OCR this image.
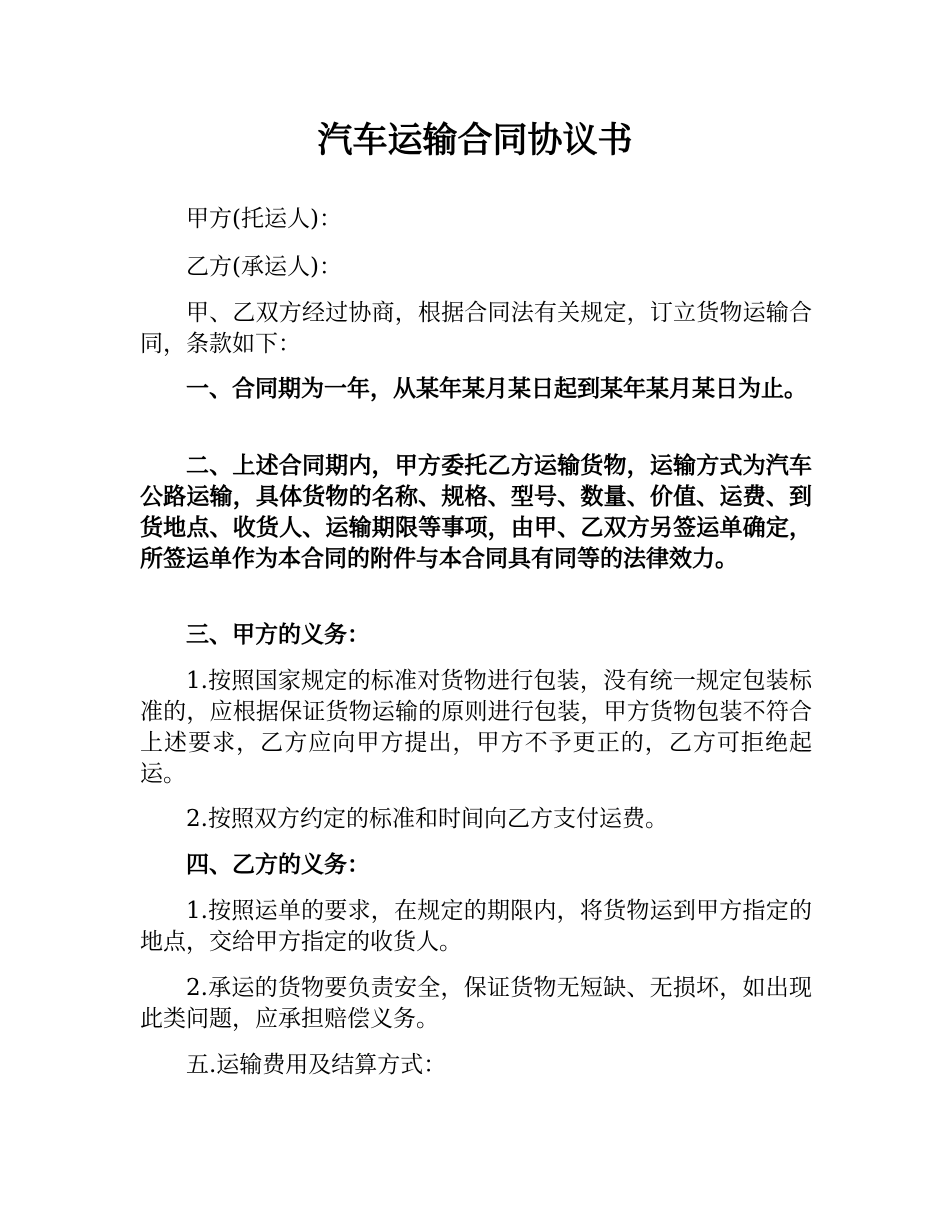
汽车运输合同协议书

甲方(托运人)：

乙方(承运人)：

甲、乙双方经过协商，根据合同法有关规定，订立货物运输合同，条款如下：

一、合同期为一年，从某年某月某日起到某年某月某日为止。

二、上述合同期内，甲方委托乙方运输货物，运输方式为汽车公路运输，具体货物的名称、规格、型号、数量、价值、运费、到货地点、收货人、运输期限等事项，由甲、乙双方另签运单确定，所签运单作为本合同的附件与本合同具有同等的法律效力。

三、甲方的义务：

1.按照国家规定的标准对货物进行包装，没有统一规定包装标准的，应根据保证货物运输的原则进行包装，甲方货物包装不符合上述要求，乙方应向甲方提出，甲方不予更正的，乙方可拒绝起运。

2.按照双方约定的标准和时间向乙方支付运费。

四、乙方的义务：

1.按照运单的要求，在规定的期限内，将货物运到甲方指定的地点，交给甲方指定的收货人。

2.承运的货物要负责安全，保证货物无短缺、无损坏，如出现此类问题，应承担赔偿义务。

五.运输费用及结算方式：
